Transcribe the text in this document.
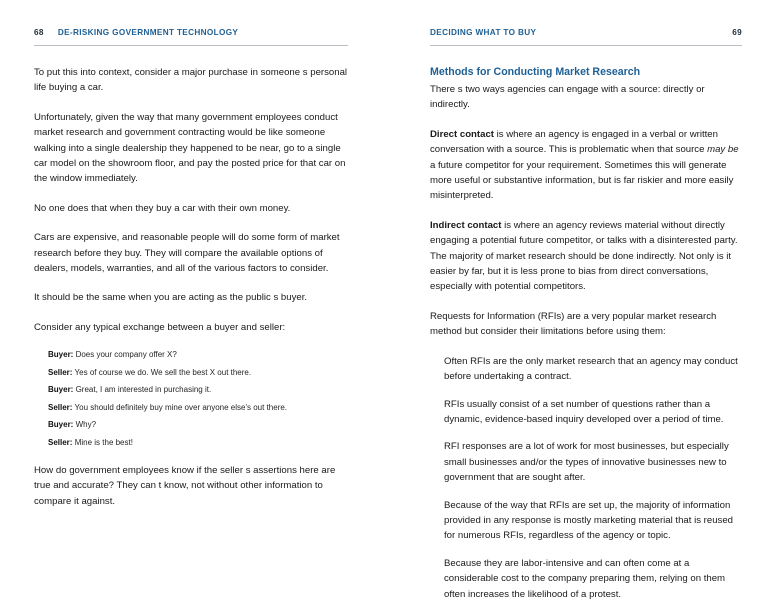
68 DE-RISKING GOVERNMENT TECHNOLOGY

To put this into context, consider a major purchase in someone s personal life buying a car.

Unfortunately, given the way that many government employees conduct market research and government contracting would be like someone walking into a single dealership they happened to be near, go to a single car model on the showroom floor, and pay the posted price for that car on the window immediately.

No one does that when they buy a car with their own money.

Cars are expensive, and reasonable people will do some form of market research before they buy. They will compare the available options of dealers, models, warranties, and all of the various factors to consider.

It should be the same when you are acting as the public s buyer.

Consider any typical exchange between a buyer and seller:

Buyer: Does your company offer X?
Seller: Yes of course we do. We sell the best X out there.
Buyer: Great, I am interested in purchasing it.
Seller: You should definitely buy mine over anyone else's out there.
Buyer: Why?
Seller: Mine is the best!

How do government employees know if the seller s assertions here are true and accurate? They can t know, not without other information to compare it against.

DECIDING WHAT TO BUY	69
Methods for Conducting Market Research

There s two ways agencies can engage with a source: directly or indirectly.

Direct contact is where an agency is engaged in a verbal or written conversation with a source. This is problematic when that source may be a future competitor for your requirement. Sometimes this will generate more useful or substantive information, but is far riskier and more easily misinterpreted.

Indirect contact is where an agency reviews material without directly engaging a potential future competitor, or talks with a disinterested party. The majority of market research should be done indirectly. Not only is it easier by far, but it is less prone to bias from direct conversations, especially with potential competitors.

Requests for Information (RFIs) are a very popular market research method but consider their limitations before using them:

Often RFIs are the only market research that an agency may conduct before undertaking a contract.
RFIs usually consist of a set number of questions rather than a dynamic, evidence-based inquiry developed over a period of time.
RFI responses are a lot of work for most businesses, but especially small businesses and/or the types of innovative businesses new to government that are sought after.
Because of the way that RFIs are set up, the majority of information provided in any response is mostly marketing material that is reused for numerous RFIs, regardless of the agency or topic.
Because they are labor-intensive and can often come at a considerable cost to the company preparing them, relying on them often increases the likelihood of a protest.
